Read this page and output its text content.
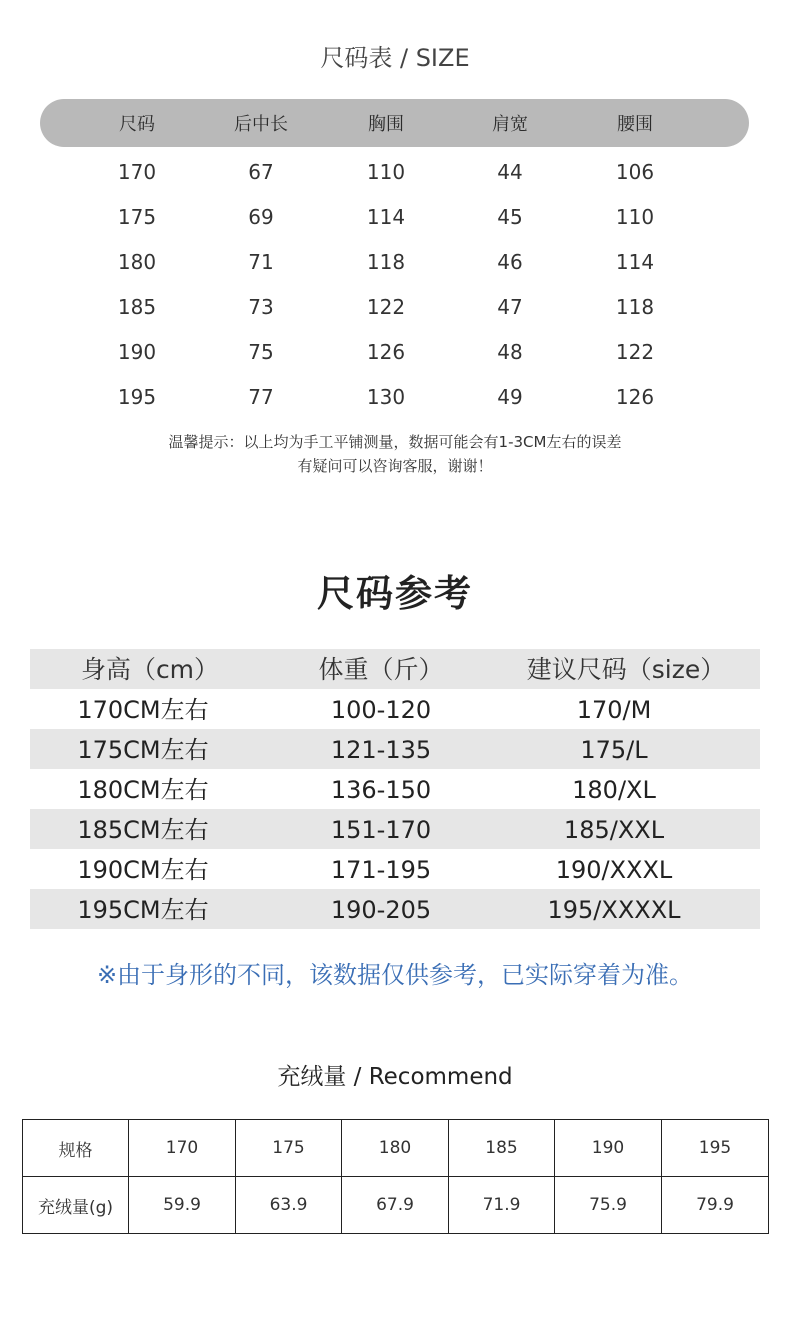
尺码表 / SIZE
尺码	后中长	胸围	肩宽	腰围
170	67	110	44	106
175	69	114	45	110
180	71	118	46	114
185	73	122	47	118
190	75	126	48	122
195	77	130	49	126
温馨提示：以上均为手工平铺测量，数据可能会有1-3CM左右的误差
有疑问可以咨询客服，谢谢！
尺码参考
身高（cm）	体重（斤）	建议尺码（size）
170CM左右	100-120	170/M
175CM左右	121-135	175/L
180CM左右	136-150	180/XL
185CM左右	151-170	185/XXL
190CM左右	171-195	190/XXXL
195CM左右	190-205	195/XXXXL
※由于身形的不同，该数据仅供参考，已实际穿着为准。
充绒量 / Recommend
规格	170	175	180	185	190	195
充绒量(g)	59.9	63.9	67.9	71.9	75.9	79.9
